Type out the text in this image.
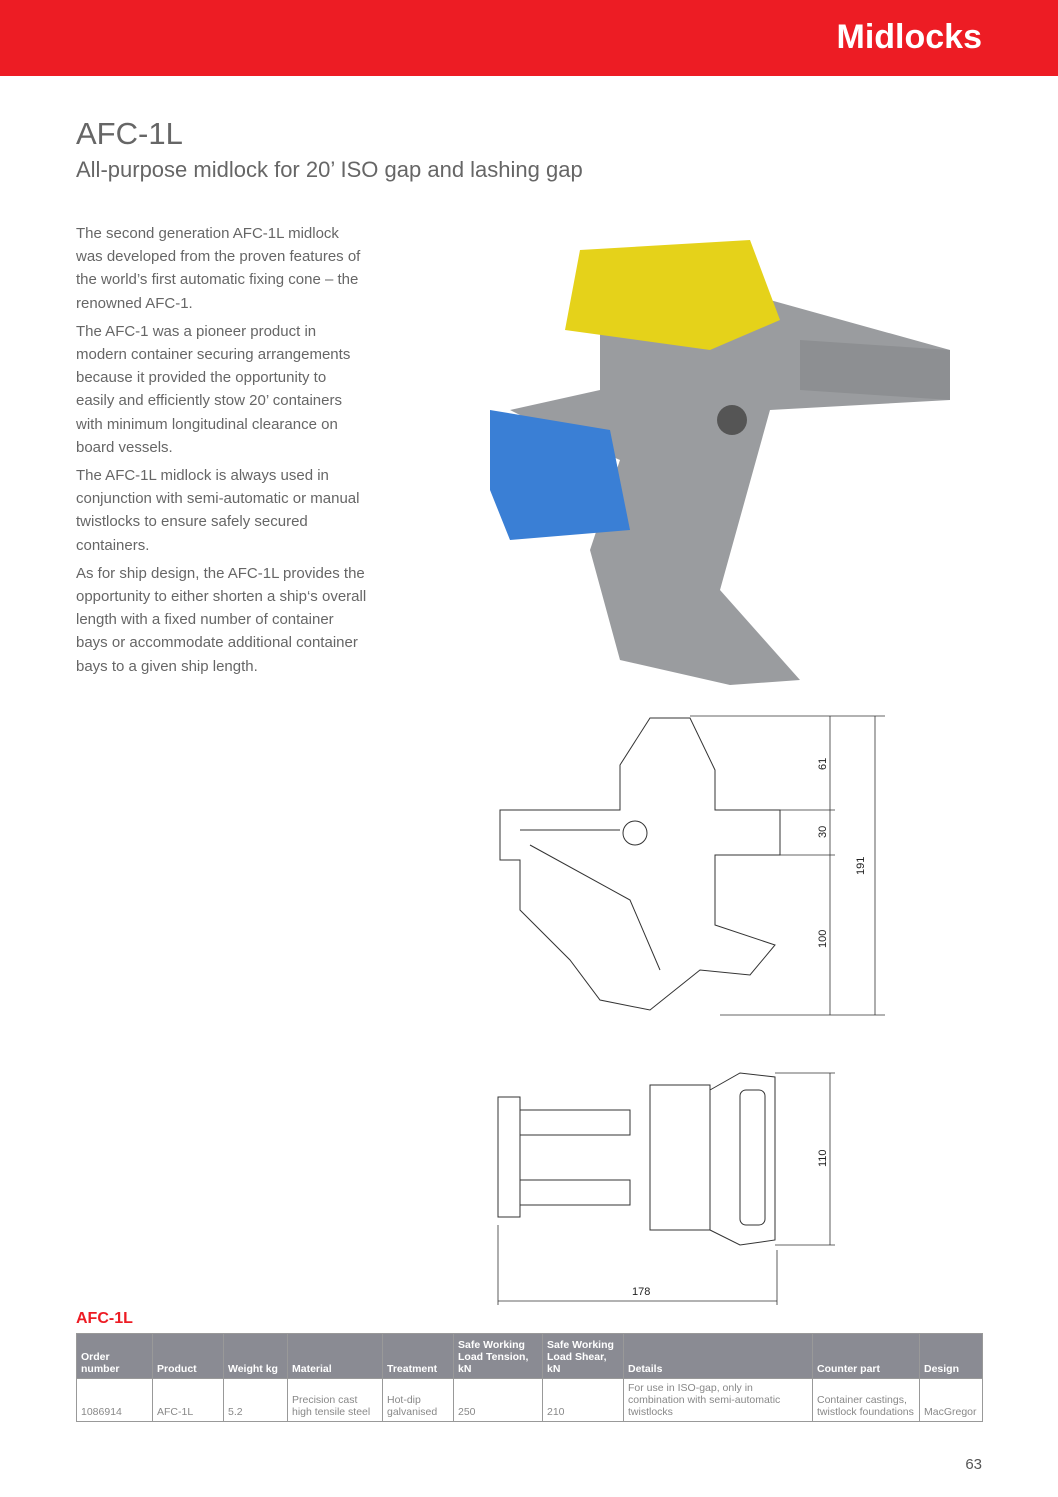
Midlocks
AFC-1L
All-purpose midlock for 20’ ISO gap and lashing gap

The second generation AFC-1L midlock was developed from the proven features of the world’s first automatic fixing cone – the renowned AFC-1.

The AFC-1 was a pioneer product in modern container securing arrangements because it provided the opportunity to easily and efficiently stow 20’ containers with minimum longitudinal clearance on board vessels.

The AFC-1L midlock is always used in conjunction with semi-automatic or manual twistlocks to ensure safely secured containers.

As for ship design, the AFC-1L provides the opportunity to either shorten a ship‘s overall length with a fixed number of container bays or accommodate additional container bays to a given ship length.

61
30
100
191
110
178
AFC-1L
Order number	Product	Weight kg	Material	Treatment	Safe Working Load Tension, kN	Safe Working Load Shear, kN	Details	Counter part	Design
1086914	AFC-1L	5.2	Precision cast high tensile steel	Hot-dip galvanised	250	210	For use in ISO-gap, only in combination with semi-automatic twistlocks	Container castings, twistlock foundations	MacGregor
63
